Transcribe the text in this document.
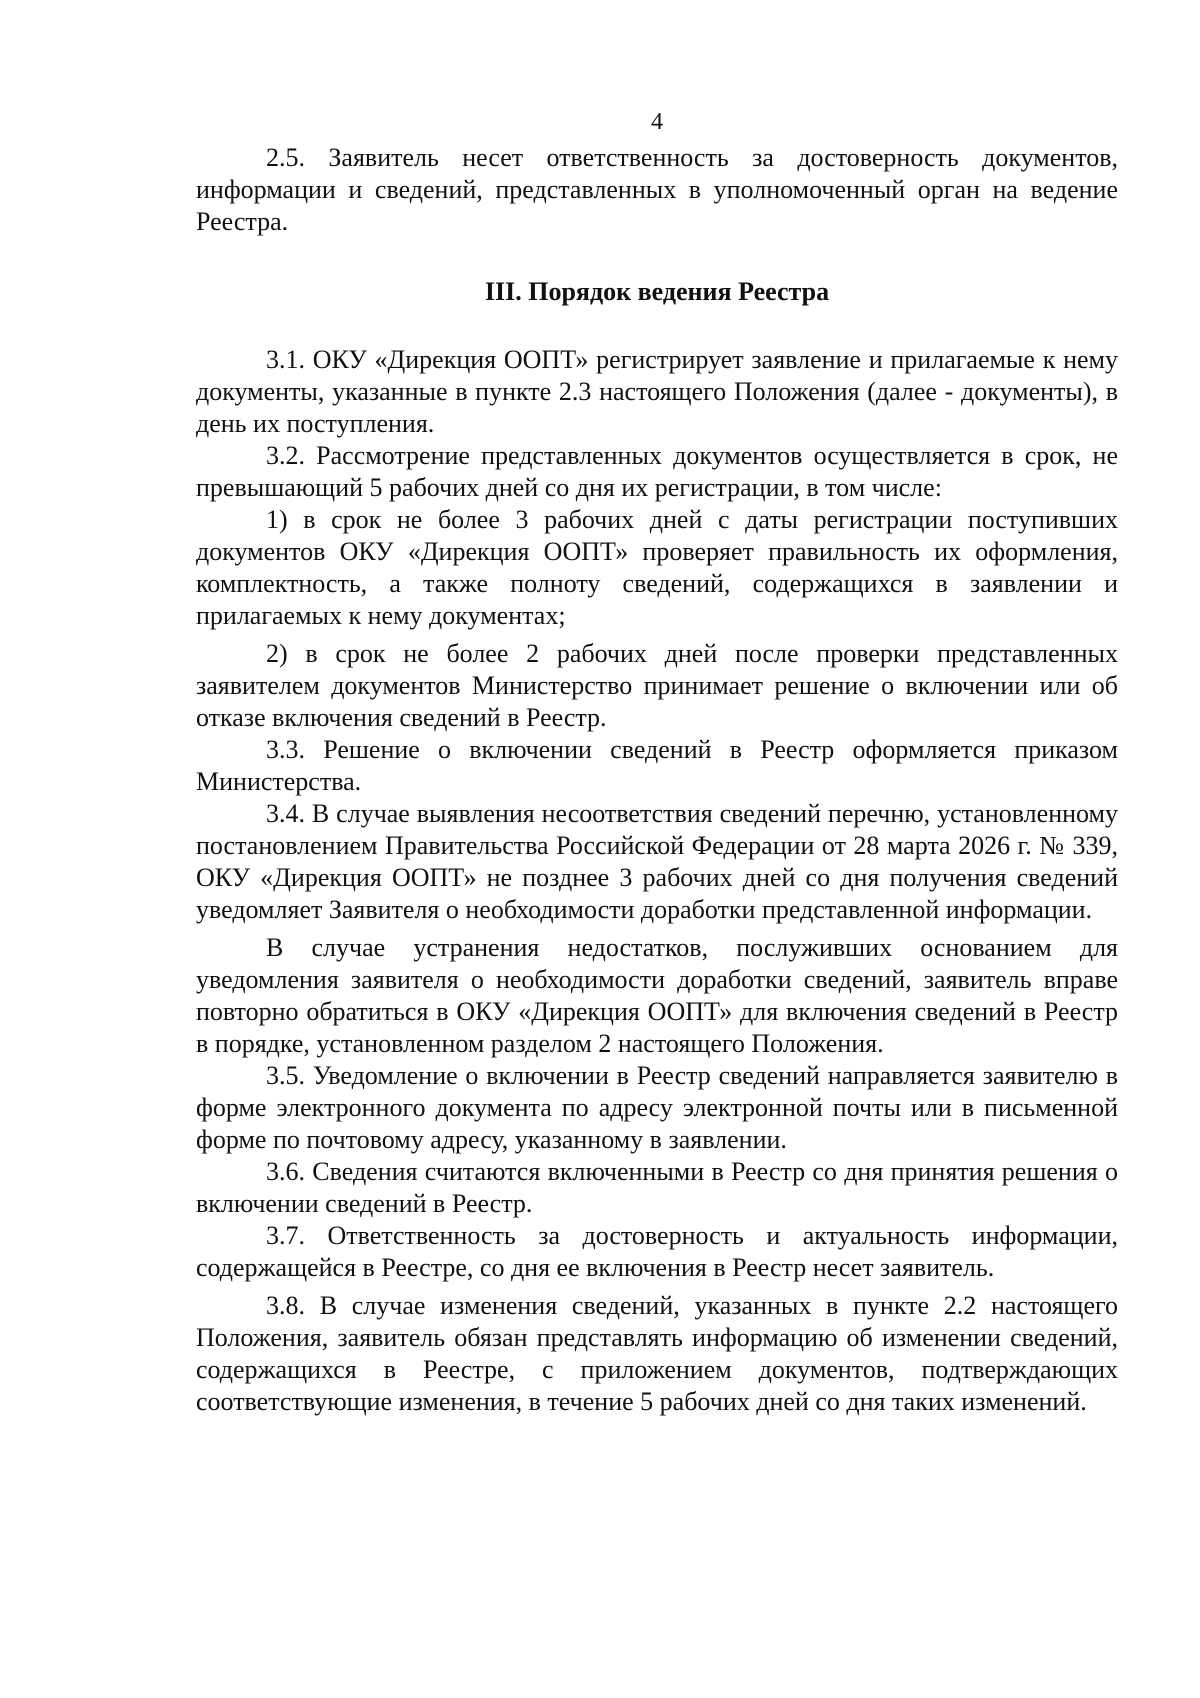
4

2.5. Заявитель несет ответственность за достоверность документов, информации и сведений, представленных в уполномоченный орган на ведение Реестра.

III. Порядок ведения Реестра

3.1. ОКУ «Дирекция ООПТ» регистрирует заявление и прилагаемые к нему документы, указанные в пункте 2.3 настоящего Положения (далее - документы), в день их поступления.

3.2. Рассмотрение представленных документов осуществляется в срок, не превышающий 5 рабочих дней со дня их регистрации, в том числе:

1) в срок не более 3 рабочих дней с даты регистрации поступивших документов ОКУ «Дирекция ООПТ» проверяет правильность их оформления, комплектность, а также полноту сведений, содержащихся в заявлении и прилагаемых к нему документах;

2) в срок не более 2 рабочих дней после проверки представленных заявителем документов Министерство принимает решение о включении или об отказе включения сведений в Реестр.

3.3. Решение о включении сведений в Реестр оформляется приказом Министерства.

3.4. В случае выявления несоответствия сведений перечню, установленному постановлением Правительства Российской Федерации от 28 марта 2026 г. № 339, ОКУ «Дирекция ООПТ» не позднее 3 рабочих дней со дня получения сведений уведомляет Заявителя о необходимости доработки представленной информации.

В случае устранения недостатков, послуживших основанием для уведомления заявителя о необходимости доработки сведений, заявитель вправе повторно обратиться в ОКУ «Дирекция ООПТ» для включения сведений в Реестр в порядке, установленном разделом 2 настоящего Положения.

3.5. Уведомление о включении в Реестр сведений направляется заявителю в форме электронного документа по адресу электронной почты или в письменной форме по почтовому адресу, указанному в заявлении.

3.6. Сведения считаются включенными в Реестр со дня принятия решения о включении сведений в Реестр.

3.7. Ответственность за достоверность и актуальность информации, содержащейся в Реестре, со дня ее включения в Реестр несет заявитель.

3.8. В случае изменения сведений, указанных в пункте 2.2 настоящего Положения, заявитель обязан представлять информацию об изменении сведений, содержащихся в Реестре, с приложением документов, подтверждающих соответствующие изменения, в течение 5 рабочих дней со дня таких изменений.
